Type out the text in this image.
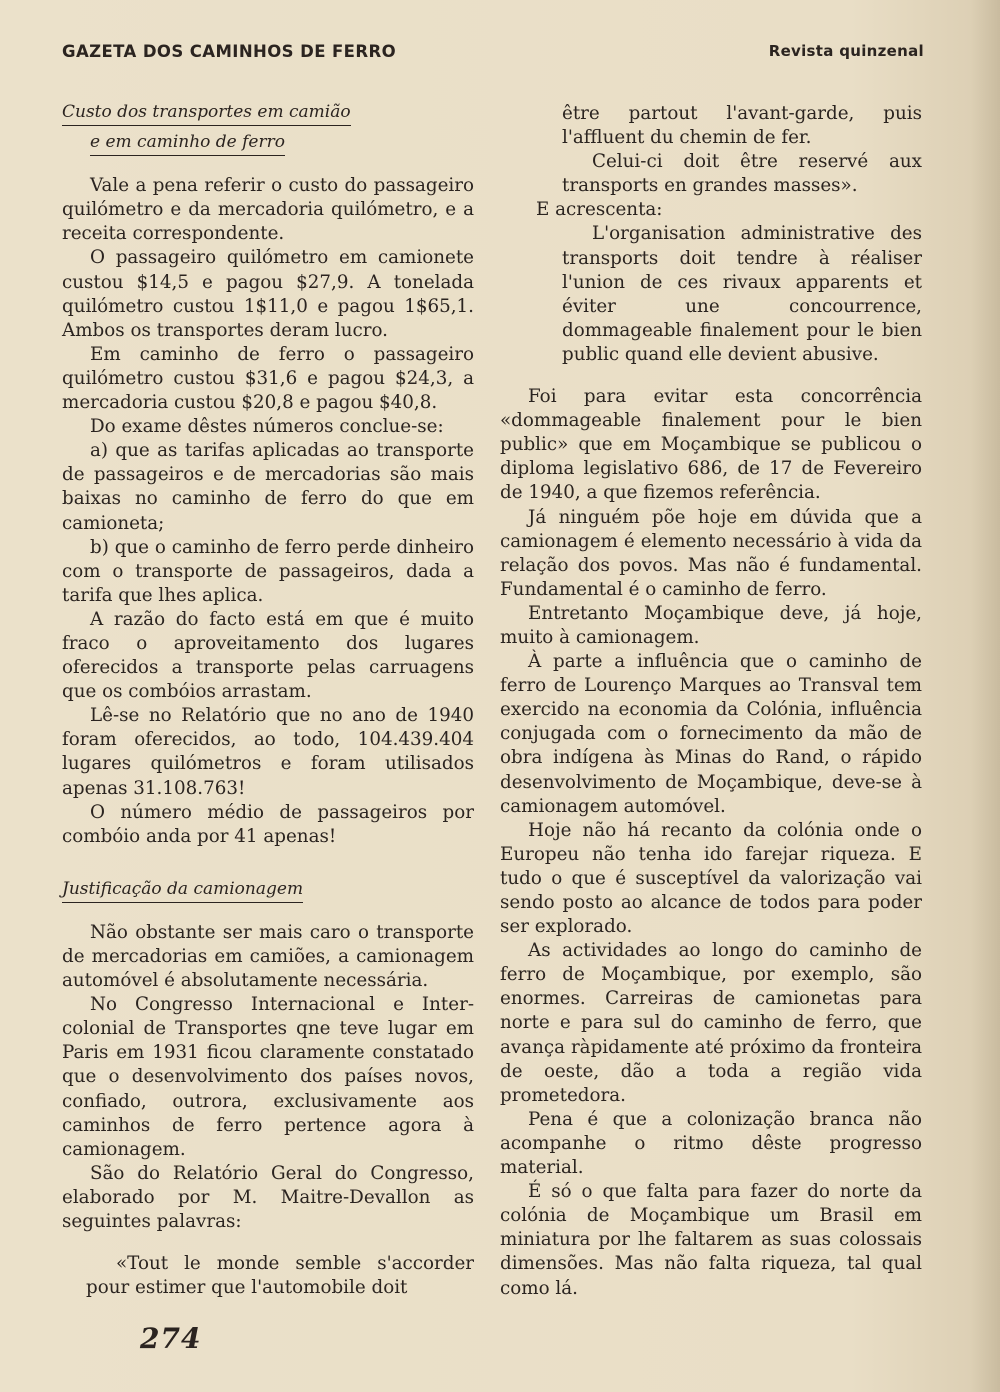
GAZETA DOS CAMINHOS DE FERRO	Revista quinzenal
Custo dos transportes em camião
e em caminho de ferro

Vale a pena referir o custo do passageiro quilómetro e da mercadoria quilómetro, e a receita correspondente.

O passageiro quilómetro em camionete custou $14,5 e pagou $27,9. A tonelada quilómetro custou 1$11,0 e pagou 1$65,1. Ambos os transportes deram lucro.

Em caminho de ferro o passageiro quilómetro custou $31,6 e pagou $24,3, a mercadoria custou $20,8 e pagou $40,8.

Do exame dêstes números conclue-se:

a) que as tarifas aplicadas ao transporte de passageiros e de mercadorias são mais baixas no caminho de ferro do que em camioneta;

b) que o caminho de ferro perde dinheiro com o transporte de passageiros, dada a tarifa que lhes aplica.

A razão do facto está em que é muito fraco o aproveitamento dos lugares oferecidos a transporte pelas carruagens que os combóios arrastam.

Lê-se no Relatório que no ano de 1940 foram oferecidos, ao todo, 104.439.404 lugares quilómetros e foram utilisados apenas 31.108.763!

O número médio de passageiros por combóio anda por 41 apenas!

Justificação da camionagem

Não obstante ser mais caro o transporte de mercadorias em camiões, a camionagem automóvel é absolutamente necessária.

No Congresso Internacional e Inter-colonial de Transportes qne teve lugar em Paris em 1931 ficou claramente constatado que o desenvolvimento dos países novos, confiado, outrora, exclusivamente aos caminhos de ferro pertence agora à camionagem.

São do Relatório Geral do Congresso, elaborado por M. Maitre-Devallon as seguintes palavras:

«Tout le monde semble s'accorder pour estimer que l'automobile doit

être partout l'avant-garde, puis l'affluent du chemin de fer.

Celui-ci doit être reservé aux transports en grandes masses».

E acrescenta:

L'organisation administrative des transports doit tendre à réaliser l'union de ces rivaux apparents et éviter une concourrence, dommageable finalement pour le bien public quand elle devient abusive.

Foi para evitar esta concorrência «dommageable finalement pour le bien public» que em Moçambique se publicou o diploma legislativo 686, de 17 de Fevereiro de 1940, a que fizemos referência.

Já ninguém põe hoje em dúvida que a camionagem é elemento necessário à vida da relação dos povos. Mas não é fundamental. Fundamental é o caminho de ferro.

Entretanto Moçambique deve, já hoje, muito à camionagem.

À parte a influência que o caminho de ferro de Lourenço Marques ao Transval tem exercido na economia da Colónia, influência conjugada com o fornecimento da mão de obra indígena às Minas do Rand, o rápido desenvolvimento de Moçambique, deve-se à camionagem automóvel.

Hoje não há recanto da colónia onde o Europeu não tenha ido farejar riqueza. E tudo o que é susceptível da valorização vai sendo posto ao alcance de todos para poder ser explorado.

As actividades ao longo do caminho de ferro de Moçambique, por exemplo, são enormes. Carreiras de camionetas para norte e para sul do caminho de ferro, que avança ràpidamente até próximo da fronteira de oeste, dão a toda a região vida prometedora.

Pena é que a colonização branca não acompanhe o ritmo dêste progresso material.

É só o que falta para fazer do norte da colónia de Moçambique um Brasil em miniatura por lhe faltarem as suas colossais dimensões. Mas não falta riqueza, tal qual como lá.

274
